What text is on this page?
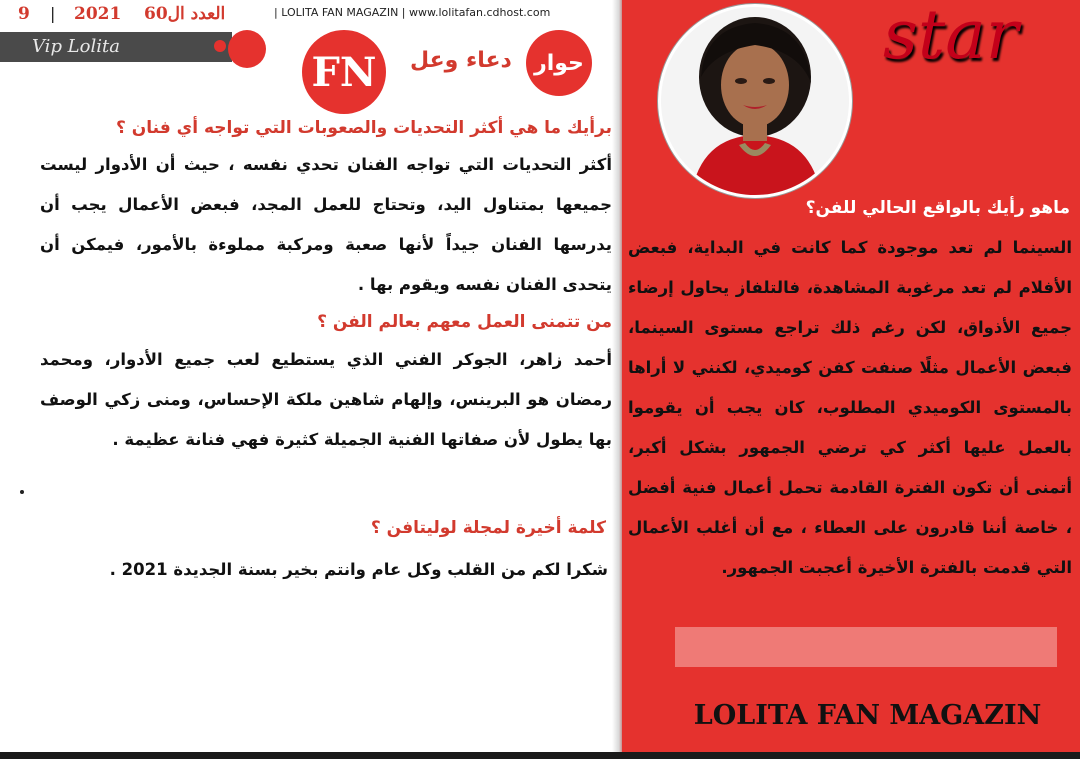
9 | 2021 العدد ال60	| LOLITA FAN MAGAZIN | www.lolitafan.cdhost.com
Vip Lolita
FN	دعاء وعل	حوار
برأيك ما هي أكثر التحديات والصعوبات التي تواجه أي فنان ؟
أكثر التحديات التي تواجه الفنان تحدي نفسه ، حيث أن الأدوار ليست جميعها بمتناول اليد، وتحتاج للعمل المجد، فبعض الأعمال يجب أن يدرسها الفنان جيداً لأنها صعبة ومركبة مملوءة بالأمور، فيمكن أن يتحدى الفنان نفسه ويقوم بها .
من تتمنى العمل معهم بعالم الفن ؟
أحمد زاهر، الجوكر الفني الذي يستطيع لعب جميع الأدوار، ومحمد رمضان هو البرينس، وإلهام شاهين ملكة الإحساس، ومنى زكي الوصف بها يطول لأن صفاتها الفنية الجميلة كثيرة فهي فنانة عظيمة .
كلمة أخيرة لمجلة لوليتافن ؟
شكرا لكم من القلب وكل عام وانتم بخير بسنة الجديدة 2021 .
ماهو رأيك بالواقع الحالي للفن؟
السينما لم تعد موجودة كما كانت في البداية، فبعض الأفلام لم تعد مرغوبة المشاهدة، فالتلفاز يحاول إرضاء جميع الأذواق، لكن رغم ذلك تراجع مستوى السينما، فبعض الأعمال مثلًا صنفت كفن كوميدي، لكنني لا أراها بالمستوى الكوميدي المطلوب، كان يجب أن يقوموا بالعمل عليها أكثر كي ترضي الجمهور بشكل أكبر، أتمنى أن تكون الفترة القادمة تحمل أعمال فنية أفضل ، خاصة أننا قادرون على العطاء ، مع أن أغلب الأعمال التي قدمت بالفترة الأخيرة أعجبت الجمهور.
star
LOLITA FAN MAGAZIN
